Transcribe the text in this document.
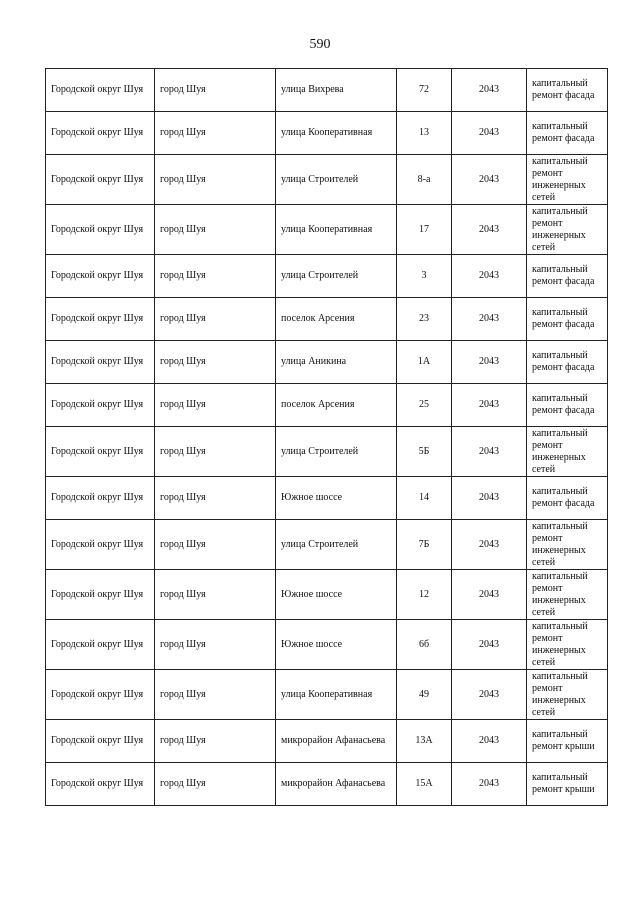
590
Городской округ Шуя	город Шуя	улица Вихрева	72	2043	капитальный
ремонт фасада

Городской округ Шуя	город Шуя	улица Кооперативная	13	2043	капитальный
ремонт фасада

Городской округ Шуя	город Шуя	улица Строителей	8-а	2043	капитальный
ремонт
инженерных
сетей

Городской округ Шуя	город Шуя	улица Кооперативная	17	2043	капитальный
ремонт
инженерных
сетей

Городской округ Шуя	город Шуя	улица Строителей	3	2043	капитальный
ремонт фасада

Городской округ Шуя	город Шуя	поселок Арсения	23	2043	капитальный
ремонт фасада

Городской округ Шуя	город Шуя	улица Аникина	1А	2043	капитальный
ремонт фасада

Городской округ Шуя	город Шуя	поселок Арсения	25	2043	капитальный
ремонт фасада

Городской округ Шуя	город Шуя	улица Строителей	5Б	2043	капитальный
ремонт
инженерных
сетей

Городской округ Шуя	город Шуя	Южное шоссе	14	2043	капитальный
ремонт фасада

Городской округ Шуя	город Шуя	улица Строителей	7Б	2043	капитальный
ремонт
инженерных
сетей

Городской округ Шуя	город Шуя	Южное шоссе	12	2043	капитальный
ремонт
инженерных
сетей

Городской округ Шуя	город Шуя	Южное шоссе	6б	2043	капитальный
ремонт
инженерных
сетей

Городской округ Шуя	город Шуя	улица Кооперативная	49	2043	капитальный
ремонт
инженерных
сетей

Городской округ Шуя	город Шуя	микрорайон Афанасьева	13А	2043	капитальный
ремонт крыши

Городской округ Шуя	город Шуя	микрорайон Афанасьева	15А	2043	капитальный
ремонт крыши
